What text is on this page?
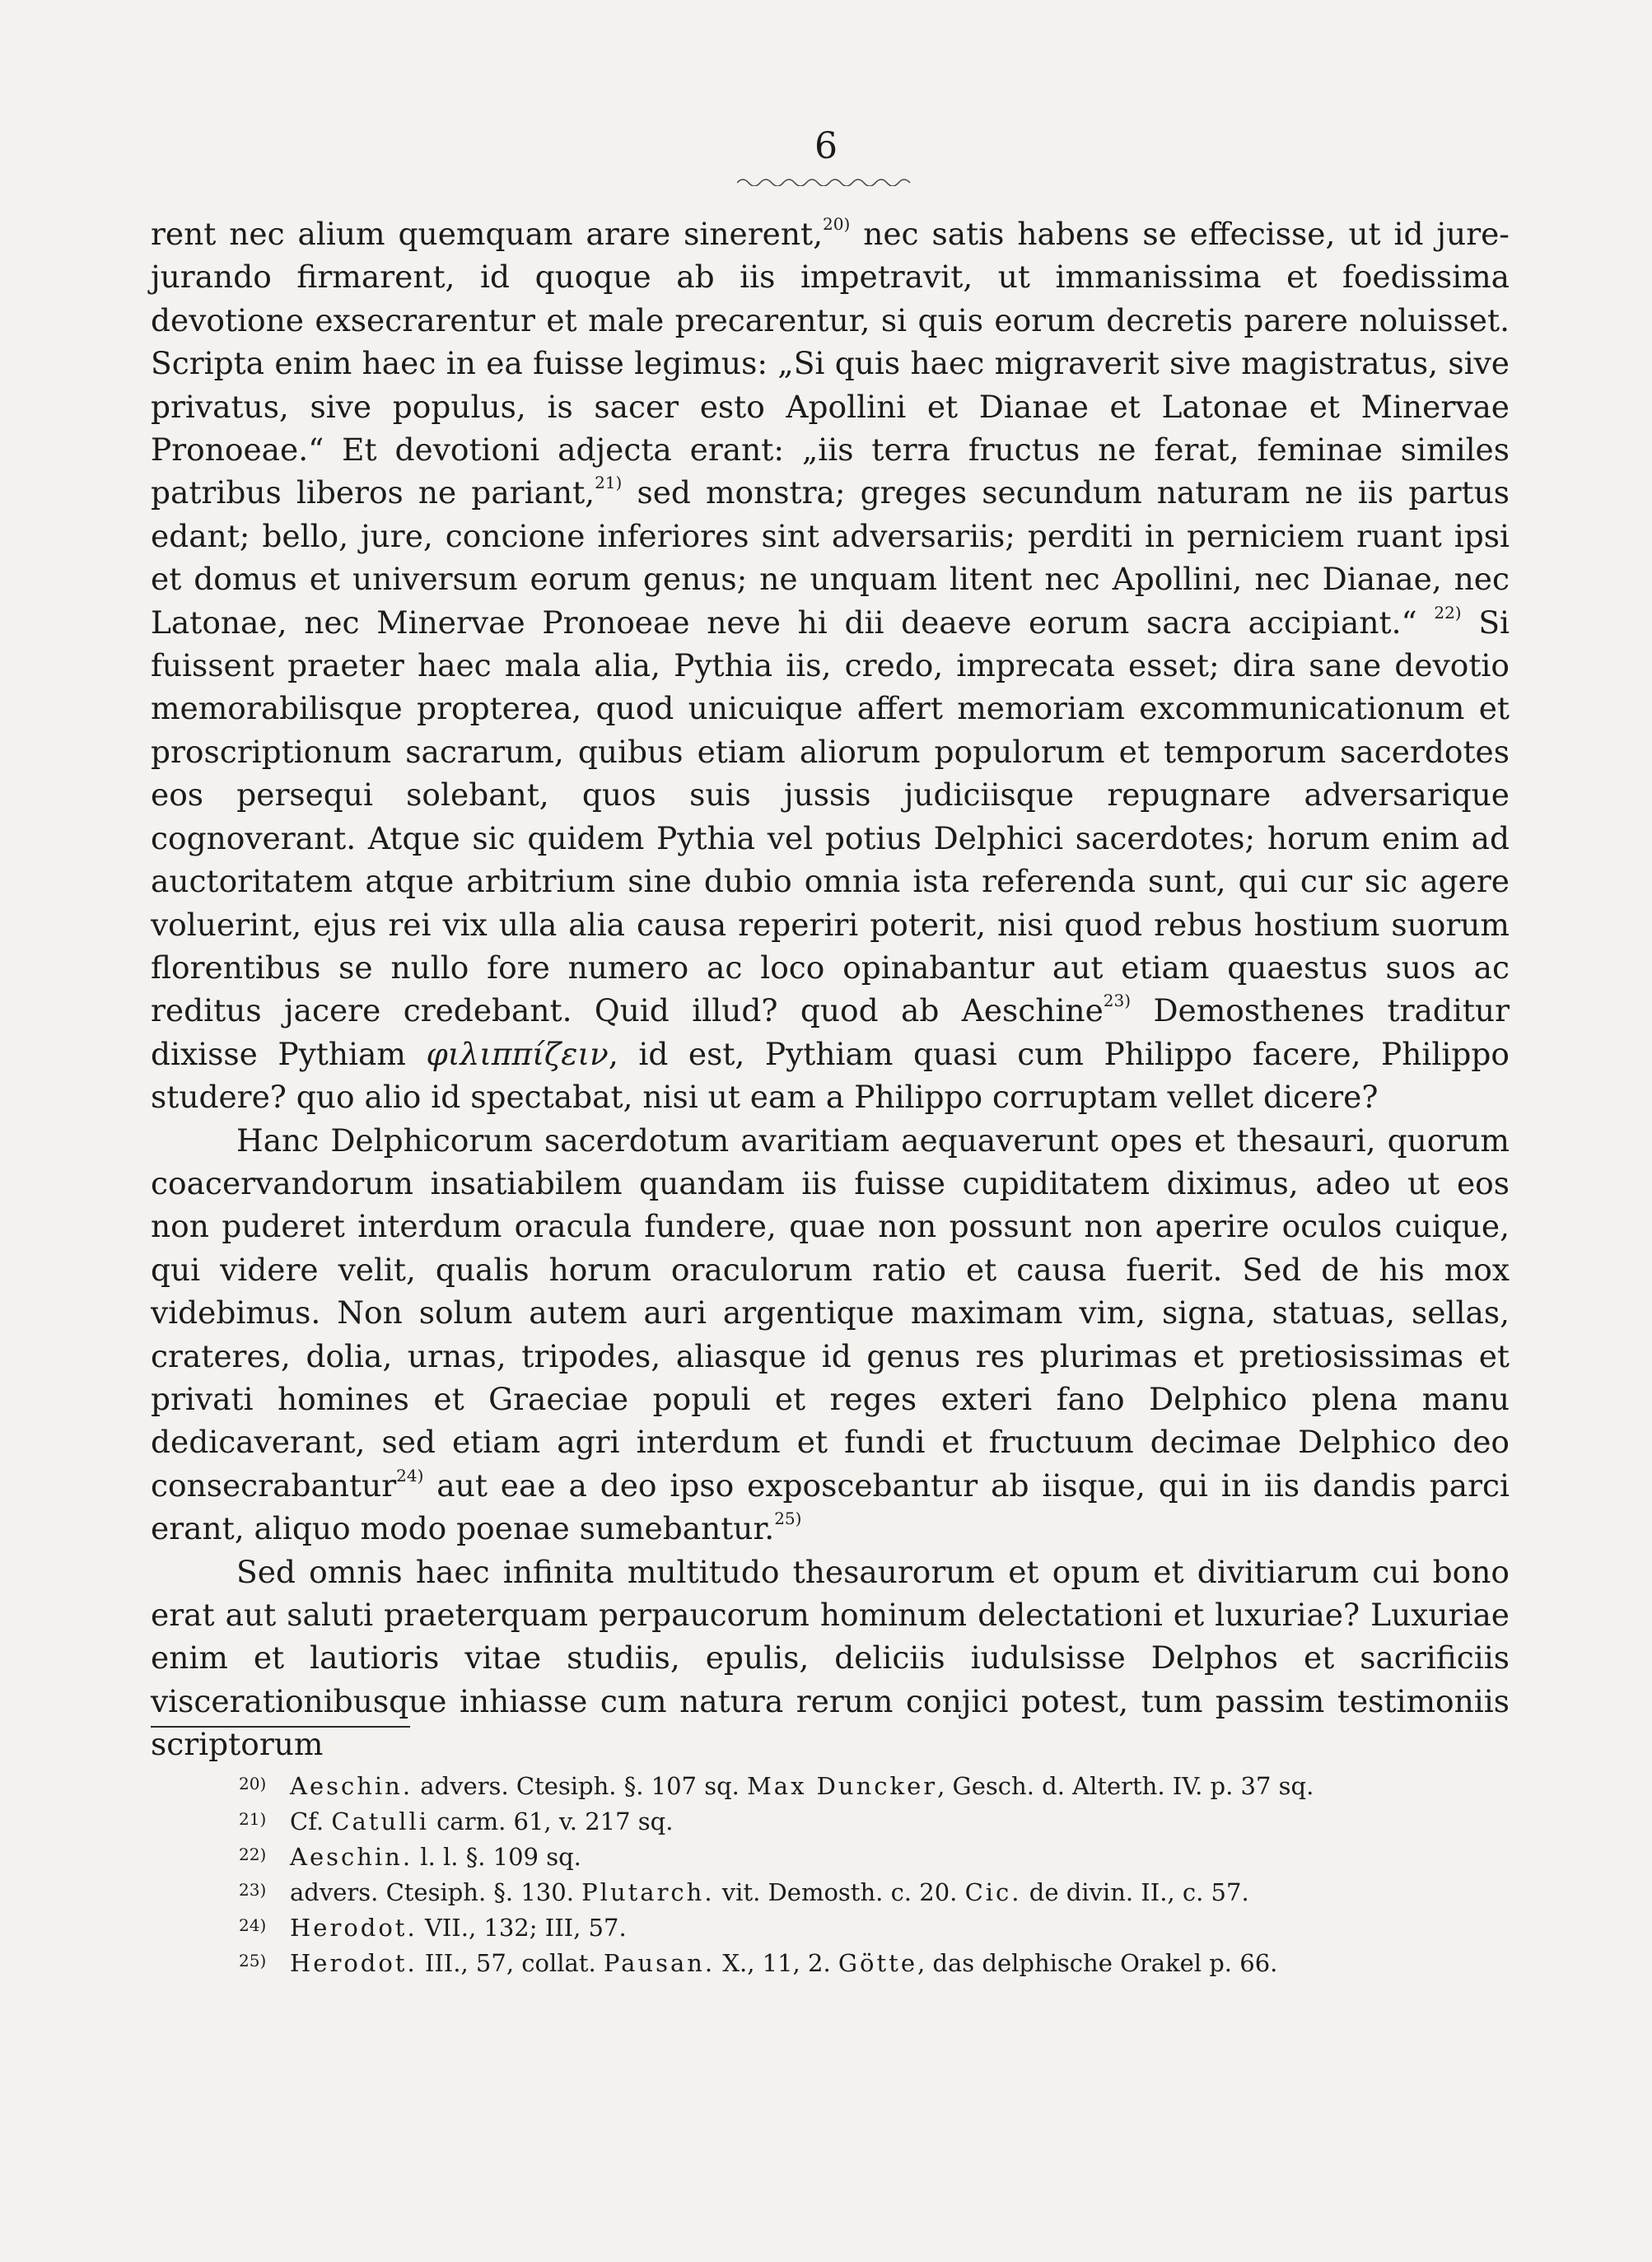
6

rent nec alium quemquam arare sinerent,$^{20)}$ nec satis habens se effecisse, ut id jure-jurando firmarent, id quoque ab iis impetravit, ut immanissima et foedissima devotione exsecrarentur et male precarentur, si quis eorum decretis parere noluisset. Scripta enim haec in ea fuisse legimus: „Si quis haec migraverit sive magistratus, sive privatus, sive populus, is sacer esto Apollini et Dianae et Latonae et Minervae Pronoeae.“ Et devotioni adjecta erant: „iis terra fructus ne ferat, feminae similes patribus liberos ne pariant,$^{21)}$ sed monstra; greges secundum naturam ne iis partus edant; bello, jure, concione inferiores sint adversariis; perditi in perniciem ruant ipsi et domus et universum eorum genus; ne unquam litent nec Apollini, nec Dianae, nec Latonae, nec Minervae Pronoeae neve hi dii deaeve eorum sacra accipiant.“ $^{22)}$ Si fuissent praeter haec mala alia, Pythia iis, credo, imprecata esset; dira sane devotio memorabilisque propterea, quod unicuique affert memoriam excommunicationum et proscriptionum sacrarum, quibus etiam aliorum populorum et temporum sacerdotes eos persequi solebant, quos suis jussis judiciisque repugnare adversarique cognoverant. Atque sic quidem Pythia vel potius Delphici sacerdotes; horum enim ad auctoritatem atque arbitrium sine dubio omnia ista referenda sunt, qui cur sic agere voluerint, ejus rei vix ulla alia causa reperiri poterit, nisi quod rebus hostium suorum florentibus se nullo fore numero ac loco opinabantur aut etiam quaestus suos ac reditus jacere credebant. Quid illud? quod ab Aeschine$^{23)}$ Demosthenes traditur dixisse Pythiam φιλιππίζειν, id est, Pythiam quasi cum Philippo facere, Philippo studere? quo alio id spectabat, nisi ut eam a Philippo corruptam vellet dicere?

Hanc Delphicorum sacerdotum avaritiam aequaverunt opes et thesauri, quorum coacervandorum insatiabilem quandam iis fuisse cupiditatem diximus, adeo ut eos non puderet interdum oracula fundere, quae non possunt non aperire oculos cuique, qui videre velit, qualis horum oraculorum ratio et causa fuerit. Sed de his mox videbimus. Non solum autem auri argentique maximam vim, signa, statuas, sellas, crateres, dolia, urnas, tripodes, aliasque id genus res plurimas et pretiosissimas et privati homines et Graeciae populi et reges exteri fano Delphico plena manu dedicaverant, sed etiam agri interdum et fundi et fructuum decimae Delphico deo consecrabantur$^{24)}$ aut eae a deo ipso exposcebantur ab iisque, qui in iis dandis parci erant, aliquo modo poenae sumebantur.$^{25)}$

Sed omnis haec infinita multitudo thesaurorum et opum et divitiarum cui bono erat aut saluti praeterquam perpaucorum hominum delectationi et luxuriae? Luxuriae enim et lautioris vitae studiis, epulis, deliciis iudulsisse Delphos et sacrificiis viscerationibusque inhiasse cum natura rerum conjici potest, tum passim testimoniis scriptorum

20) Aeschin. advers. Ctesiph. §. 107 sq. Max Duncker, Gesch. d. Alterth. IV. p. 37 sq.
21) Cf. Catulli carm. 61, v. 217 sq.
22) Aeschin. l. l. §. 109 sq.
23) advers. Ctesiph. §. 130. Plutarch. vit. Demosth. c. 20. Cic. de divin. II., c. 57.
24) Herodot. VII., 132; III, 57.
25) Herodot. III., 57, collat. Pausan. X., 11, 2. Götte, das delphische Orakel p. 66.
